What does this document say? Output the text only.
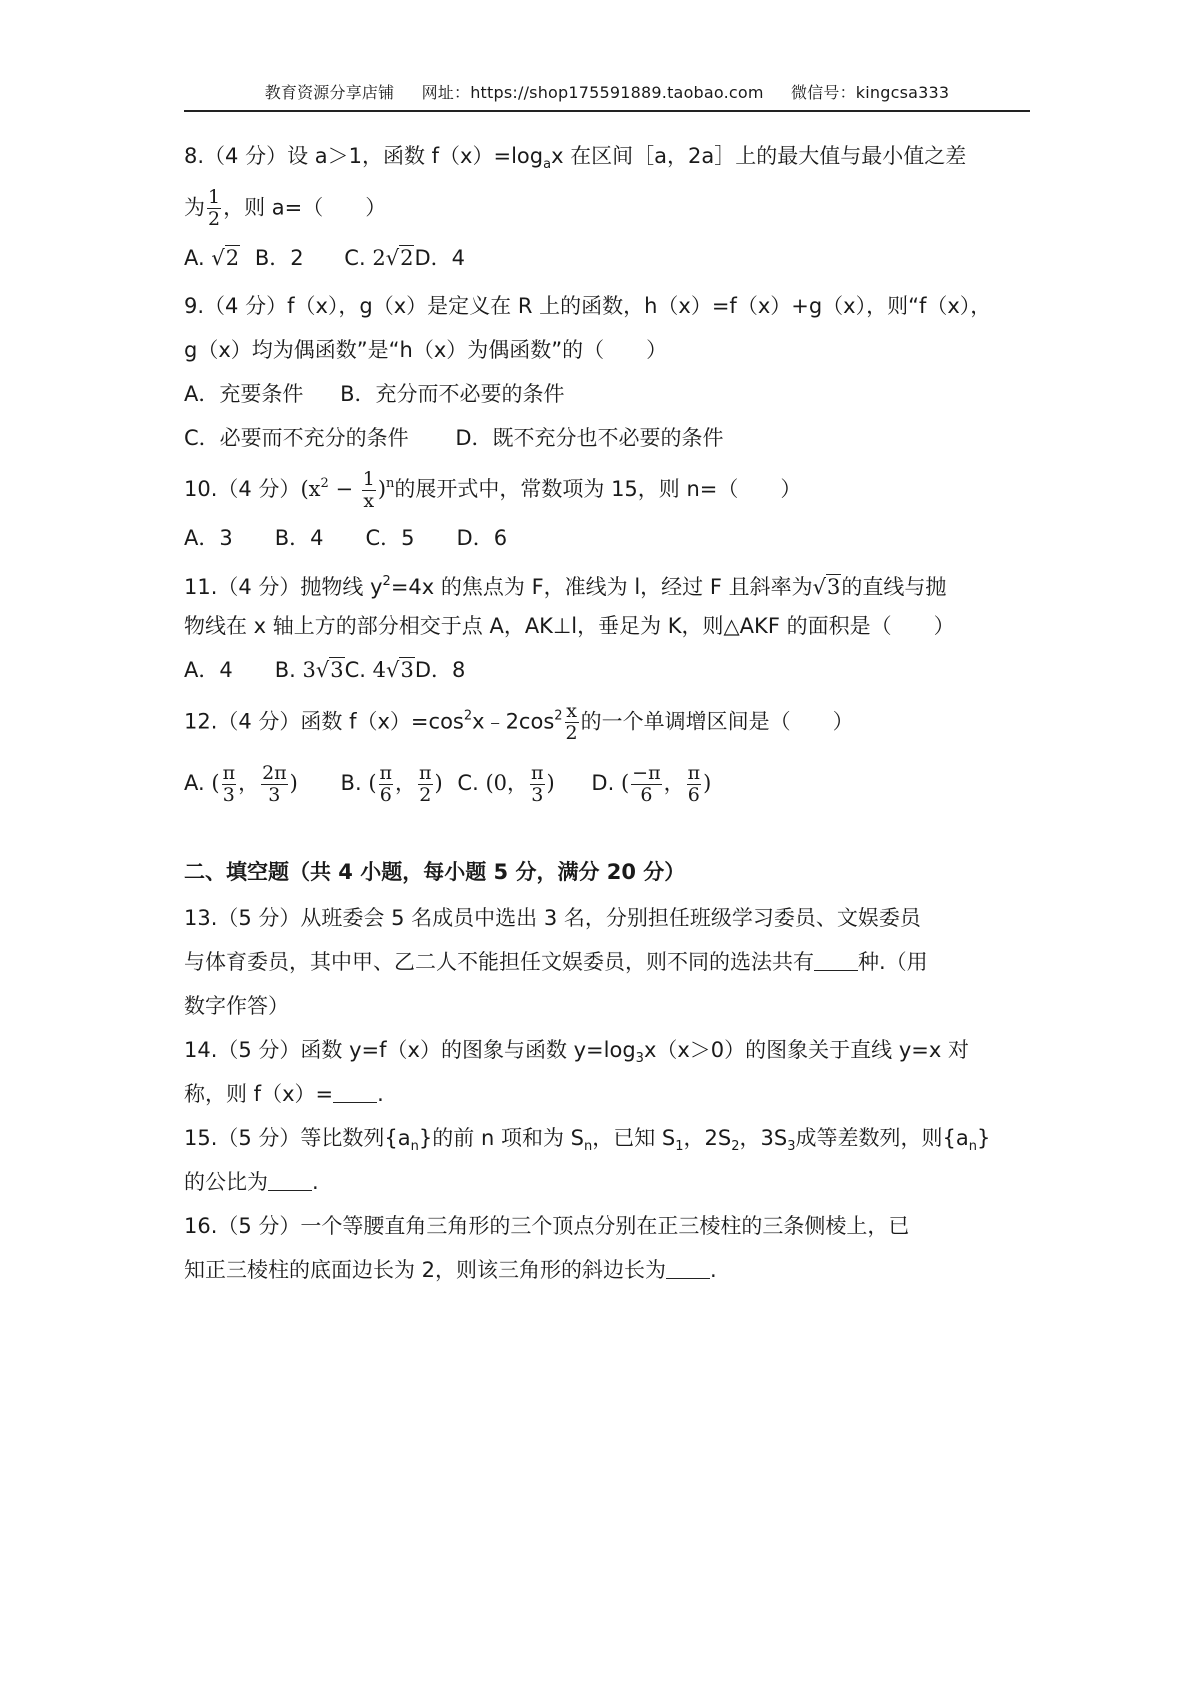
教育资源分享店铺 网址：https://shop175591889.taobao.com 微信号：kingcsa333
8.（4 分）设 a＞1，函数 $f(x)=\log_ax$ 在区间［a，2a］上的最大值与最小值之差
为 $\frac{1}{2}$ ，则 a=（　　）
A. √2 B．2 C. 2√2D．4
9.（4 分）f（x），g（x）是定义在 R 上的函数，h（x）=f（x）+g（x），则“f（x），
g（x）均为偶函数”是“h（x）为偶函数”的（　　）
A．充要条件 B．充分而不必要的条件
C．必要而不充分的条件 D．既不充分也不必要的条件
10.（4 分）$(x^2 - \frac{1}{x} )^n$的展开式中，常数项为 15，则 n=（　　）
A．3　　B．4　　C．5　　D．6
11.（4 分）抛物线 $y^2=4x$ 的焦点为 F，准线为 l，经过 F 且斜率为√3的直线与抛
物线在 x 轴上方的部分相交于点 A，AK⊥l，垂足为 K，则△AKF 的面积是（　　）
A．4　　B. 3√3C. 4√3D．8
12.（4 分）函数 $f(x)=\cos^2x﹣2\cos^2 \frac{x}{2}$ 的一个单调增区间是（　　）
A. ( $\frac{\pi}{3}$ ， $\frac{2\pi}{3}$ ) B. ( $\frac{\pi}{6}$ ， $\frac{\pi}{2}$ ) C. (0， $\frac{\pi}{3}$ ) D. ( $\frac{-\pi}{6}$ ， $\frac{\pi}{6}$ )
二、填空题（共 4 小题，每小题 5 分，满分 20 分）
13.（5 分）从班委会 5 名成员中选出 3 名，分别担任班级学习委员、文娱委员
与体育委员，其中甲、乙二人不能担任文娱委员，则不同的选法共有 种.（用
数字作答）
14.（5 分）函数 y=f（x）的图象与函数 $y=\log_3x(x>0)$的图象关于直线 y=x 对
称，则 f（x）= .
15.（5 分）等比数列$\{a_n\}$的前 n 项和为 $S_n$，已知 $S_1$，$2S_2$，$3S_3$成等差数列，则$\{a_n\}$
的公比为 .
16.（5 分）一个等腰直角三角形的三个顶点分别在正三棱柱的三条侧棱上，已
知正三棱柱的底面边长为 2，则该三角形的斜边长为 .
